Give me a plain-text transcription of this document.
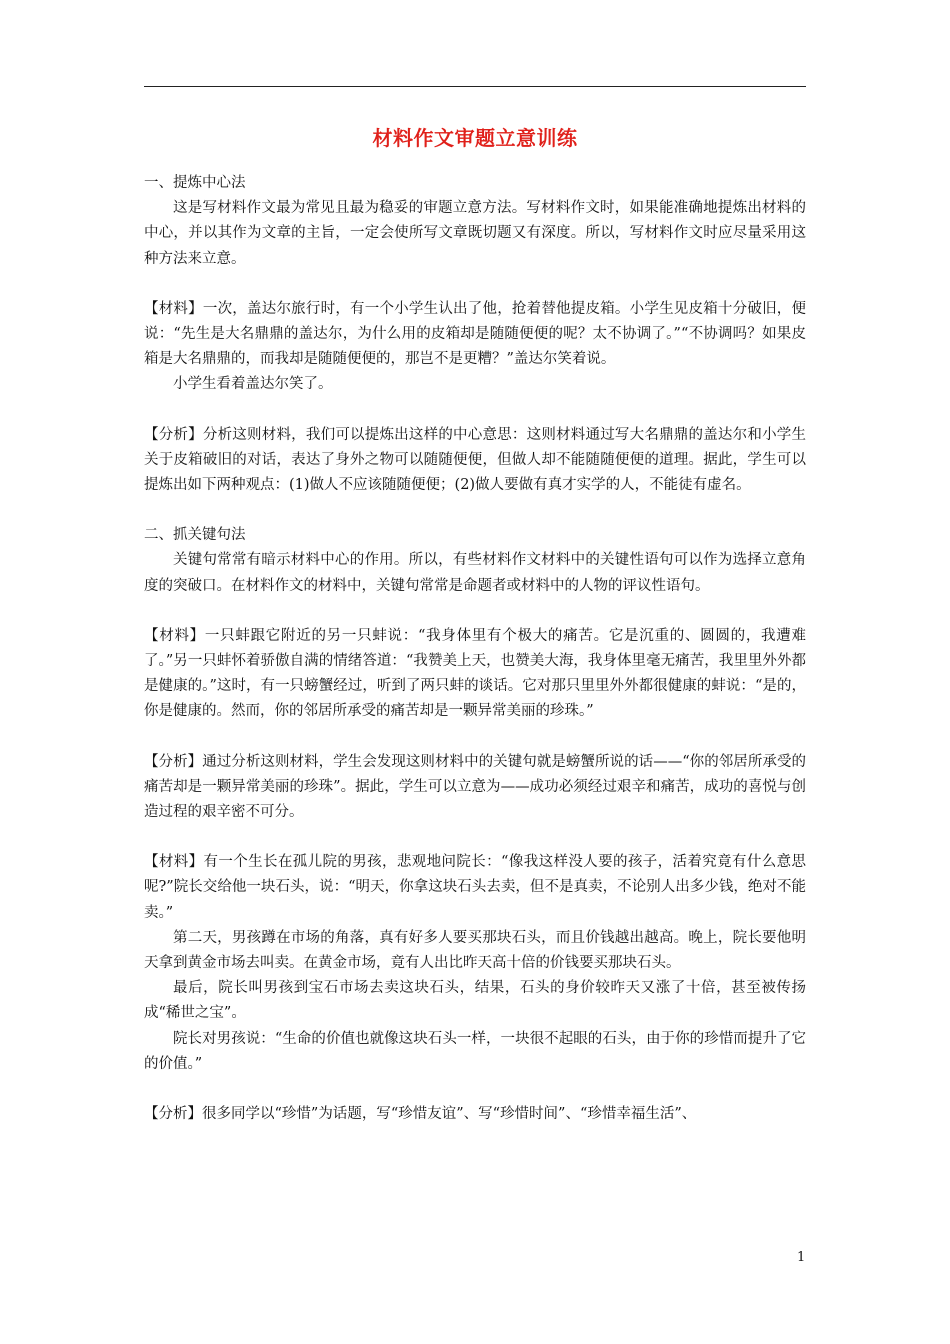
材料作文审题立意训练

一、提炼中心法

这是写材料作文最为常见且最为稳妥的审题立意方法。写材料作文时，如果能准确地提炼出材料的中心，并以其作为文章的主旨，一定会使所写文章既切题又有深度。所以，写材料作文时应尽量采用这种方法来立意。

【材料】一次，盖达尔旅行时，有一个小学生认出了他，抢着替他提皮箱。小学生见皮箱十分破旧，便说：“先生是大名鼎鼎的盖达尔，为什么用的皮箱却是随随便便的呢？太不协调了。”“不协调吗？如果皮箱是大名鼎鼎的，而我却是随随便便的，那岂不是更糟？”盖达尔笑着说。

小学生看着盖达尔笑了。

【分析】分析这则材料，我们可以提炼出这样的中心意思：这则材料通过写大名鼎鼎的盖达尔和小学生关于皮箱破旧的对话，表达了身外之物可以随随便便，但做人却不能随随便便的道理。据此，学生可以提炼出如下两种观点：(1)做人不应该随随便便；(2)做人要做有真才实学的人，不能徒有虚名。

二、抓关键句法

关键句常常有暗示材料中心的作用。所以，有些材料作文材料中的关键性语句可以作为选择立意角度的突破口。在材料作文的材料中，关键句常常是命题者或材料中的人物的评议性语句。

【材料】一只蚌跟它附近的另一只蚌说：“我身体里有个极大的痛苦。它是沉重的、圆圆的，我遭难了。”另一只蚌怀着骄傲自满的情绪答道：“我赞美上天，也赞美大海，我身体里毫无痛苦，我里里外外都是健康的。”这时，有一只螃蟹经过，听到了两只蚌的谈话。它对那只里里外外都很健康的蚌说：“是的，你是健康的。然而，你的邻居所承受的痛苦却是一颗异常美丽的珍珠。”

【分析】通过分析这则材料，学生会发现这则材料中的关键句就是螃蟹所说的话——“你的邻居所承受的痛苦却是一颗异常美丽的珍珠”。据此，学生可以立意为——成功必须经过艰辛和痛苦，成功的喜悦与创造过程的艰辛密不可分。

【材料】有一个生长在孤儿院的男孩，悲观地问院长：“像我这样没人要的孩子，活着究竟有什么意思呢?”院长交给他一块石头，说：“明天，你拿这块石头去卖，但不是真卖，不论别人出多少钱，绝对不能卖。”

第二天，男孩蹲在市场的角落，真有好多人要买那块石头，而且价钱越出越高。晚上，院长要他明天拿到黄金市场去叫卖。在黄金市场，竟有人出比昨天高十倍的价钱要买那块石头。

最后，院长叫男孩到宝石市场去卖这块石头，结果，石头的身价较昨天又涨了十倍，甚至被传扬成“稀世之宝”。

院长对男孩说：“生命的价值也就像这块石头一样，一块很不起眼的石头，由于你的珍惜而提升了它的价值。”

【分析】很多同学以“珍惜”为话题，写“珍惜友谊”、写“珍惜时间”、“珍惜幸福生活”、

1
